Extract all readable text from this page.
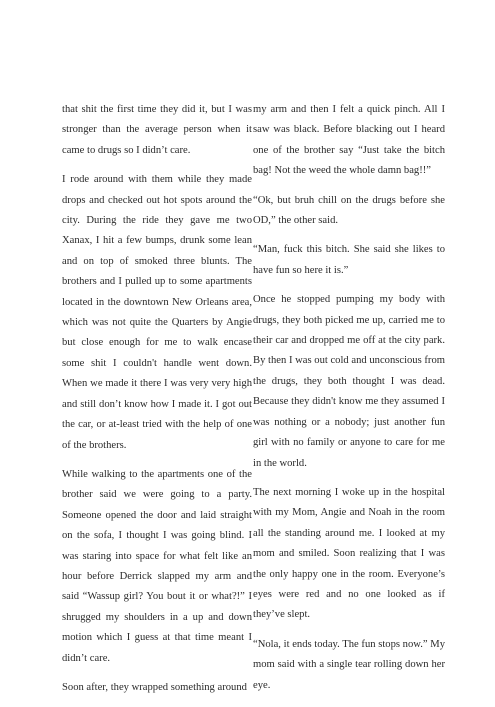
that shit the first time they did it, but I was stronger than the average person when it came to drugs so I didn’t care.

I rode around with them while they made drops and checked out hot spots around the city. During the ride they gave me two Xanax, I hit a few bumps, drunk some lean and on top of smoked three blunts. The brothers and I pulled up to some apartments located in the downtown New Orleans area, which was not quite the Quarters by Angie but close enough for me to walk encase some shit I couldn't handle went down. When we made it there I was very very high and still don’t know how I made it. I got out the car, or at-least tried with the help of one of the brothers.

While walking to the apartments one of the brother said we were going to a party. Someone opened the door and laid straight on the sofa, I thought I was going blind. I was staring into space for what felt like an hour before Derrick slapped my arm and said “Wassup girl? You bout it or what?!” I shrugged my shoulders in a up and down motion which I guess at that time meant I didn’t care.

Soon after, they wrapped something around

my arm and then I felt a quick pinch. All I saw was black. Before blacking out I heard one of the brother say “Just take the bitch bag! Not the weed the whole damn bag!!”

“Ok, but bruh chill on the drugs before she OD,” the other said.

“Man, fuck this bitch. She said she likes to have fun so here it is.”

Once he stopped pumping my body with drugs, they both picked me up, carried me to their car and dropped me off at the city park. By then I was out cold and unconscious from the drugs, they both thought I was dead. Because they didn't know me they assumed I was nothing or a nobody; just another fun girl with no family or anyone to care for me in the world.

The next morning I woke up in the hospital with my Mom, Angie and Noah in the room all the standing around me. I looked at my mom and smiled. Soon realizing that I was the only happy one in the room. Everyone’s eyes were red and no one looked as if they’ve slept.

“Nola, it ends today. The fun stops now.” My mom said with a single tear rolling down her eye.
